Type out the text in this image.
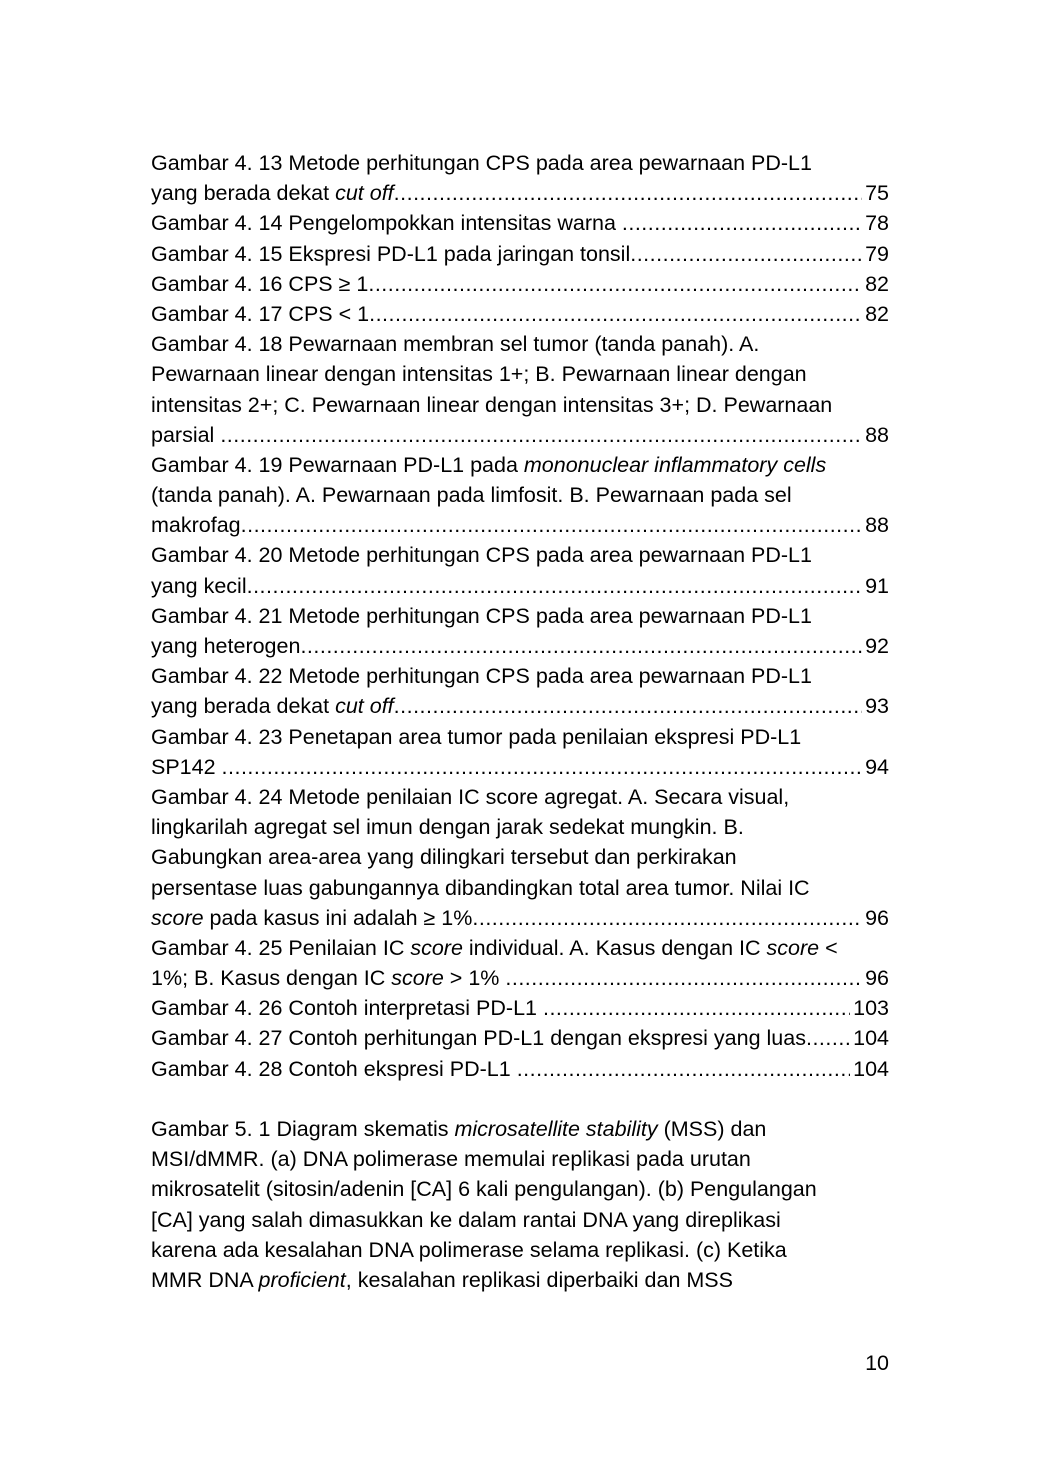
Gambar 4. 13 Metode perhitungan CPS pada area pewarnaan PD-L1
yang berada dekat cut off .....	75
Gambar 4. 14 Pengelompokkan intensitas warna .....	78
Gambar 4. 15 Ekspresi PD-L1 pada jaringan tonsil .....	79
Gambar 4. 16 CPS ≥ 1 .....	82
Gambar 4. 17 CPS < 1 .....	82
Gambar 4. 18 Pewarnaan membran sel tumor (tanda panah). A.
Pewarnaan linear dengan intensitas 1+; B. Pewarnaan linear dengan
intensitas 2+; C. Pewarnaan linear dengan intensitas 3+; D. Pewarnaan
parsial .....	88
Gambar 4. 19 Pewarnaan PD-L1 pada mononuclear inflammatory cells
(tanda panah). A. Pewarnaan pada limfosit. B. Pewarnaan pada sel
makrofag .....	88
Gambar 4. 20 Metode perhitungan CPS pada area pewarnaan PD-L1
yang kecil .....	91
Gambar 4. 21 Metode perhitungan CPS pada area pewarnaan PD-L1
yang heterogen .....	92
Gambar 4. 22 Metode perhitungan CPS pada area pewarnaan PD-L1
yang berada dekat cut off .....	93
Gambar 4. 23 Penetapan area tumor pada penilaian ekspresi PD-L1
SP142 .....	94
Gambar 4. 24 Metode penilaian IC score agregat. A. Secara visual,
lingkarilah agregat sel imun dengan jarak sedekat mungkin. B.
Gabungkan area-area yang dilingkari tersebut dan perkirakan
persentase luas gabungannya dibandingkan total area tumor. Nilai IC
score pada kasus ini adalah ≥ 1% .....	96
Gambar 4. 25 Penilaian IC score individual. A. Kasus dengan IC score <
1%; B. Kasus dengan IC score > 1% .....	96
Gambar 4. 26 Contoh interpretasi PD-L1 .....	103
Gambar 4. 27 Contoh perhitungan PD-L1 dengan ekspresi yang luas ..... 104
Gambar 4. 28 Contoh ekspresi PD-L1 .....	104
Gambar 5. 1 Diagram skematis microsatellite stability (MSS) dan
MSI/dMMR. (a) DNA polimerase memulai replikasi pada urutan
mikrosatelit (sitosin/adenin [CA] 6 kali pengulangan). (b) Pengulangan
[CA] yang salah dimasukkan ke dalam rantai DNA yang direplikasi
karena ada kesalahan DNA polimerase selama replikasi. (c) Ketika
MMR DNA proficient, kesalahan replikasi diperbaiki dan MSS
10
